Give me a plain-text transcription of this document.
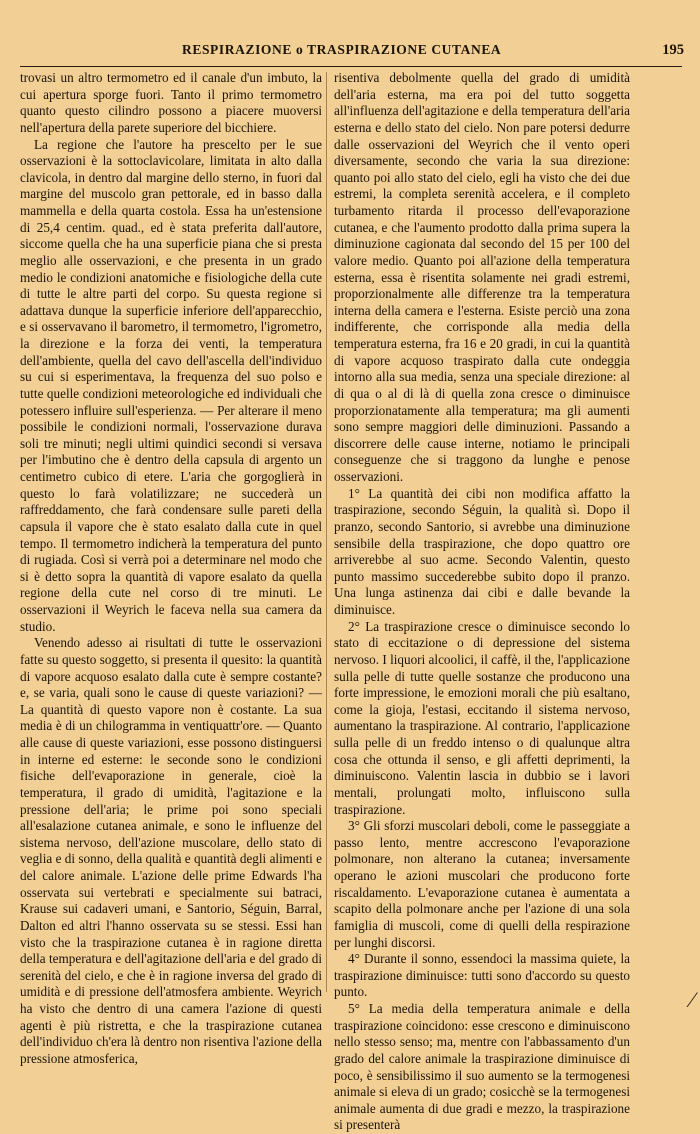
RESPIRAZIONE o TRASPIRAZIONE CUTANEA	195

trovasi un altro termometro ed il canale d'un imbuto, la cui apertura sporge fuori. Tanto il primo termometro quanto questo cilindro possono a piacere muoversi nell'apertura della parete superiore del bicchiere.

La regione che l'autore ha prescelto per le sue osservazioni è la sottoclavicolare, limitata in alto dalla clavicola, in dentro dal margine dello sterno, in fuori dal margine del muscolo gran pettorale, ed in basso dalla mammella e della quarta costola. Essa ha un'estensione di 25,4 centim. quad., ed è stata preferita dall'autore, siccome quella che ha una superficie piana che si presta meglio alle osservazioni, e che presenta in un grado medio le condizioni anatomiche e fisiologiche della cute di tutte le altre parti del corpo. Su questa regione si adattava dunque la superficie inferiore dell'apparecchio, e si osservavano il barometro, il termometro, l'igrometro, la direzione e la forza dei venti, la temperatura dell'ambiente, quella del cavo dell'ascella dell'individuo su cui si esperimentava, la frequenza del suo polso e tutte quelle condizioni meteorologiche ed individuali che potessero influire sull'esperienza. — Per alterare il meno possibile le condizioni normali, l'osservazione durava soli tre minuti; negli ultimi quindici secondi si versava per l'imbutino che è dentro della capsula di argento un centimetro cubico di etere. L'aria che gorgoglierà in questo lo farà volatilizzare; ne succederà un raffreddamento, che farà condensare sulle pareti della capsula il vapore che è stato esalato dalla cute in quel tempo. Il termometro indicherà la temperatura del punto di rugiada. Così si verrà poi a determinare nel modo che si è detto sopra la quantità di vapore esalato da quella regione della cute nel corso di tre minuti. Le osservazioni il Weyrich le faceva nella sua camera da studio.

Venendo adesso ai risultati di tutte le osservazioni fatte su questo soggetto, si presenta il quesito: la quantità di vapore acquoso esalato dalla cute è sempre costante? e, se varia, quali sono le cause di queste variazioni? — La quantità di questo vapore non è costante. La sua media è di un chilogramma in ventiquattr'ore. — Quanto alle cause di queste variazioni, esse possono distinguersi in interne ed esterne: le seconde sono le condizioni fisiche dell'evaporazione in generale, cioè la temperatura, il grado di umidità, l'agitazione e la pressione dell'aria; le prime poi sono speciali all'esalazione cutanea animale, e sono le influenze del sistema nervoso, dell'azione muscolare, dello stato di veglia e di sonno, della qualità e quantità degli alimenti e del calore animale. L'azione delle prime Edwards l'ha osservata sui vertebrati e specialmente sui batraci, Krause sui cadaveri umani, e Santorio, Séguin, Barral, Dalton ed altri l'hanno osservata su se stessi. Essi han visto che la traspirazione cutanea è in ragione diretta della temperatura e dell'agitazione dell'aria e del grado di serenità del cielo, e che è in ragione inversa del grado di umidità e di pressione dell'atmosfera ambiente. Weyrich ha visto che dentro di una camera l'azione di questi agenti è più ristretta, e che la traspirazione cutanea dell'individuo ch'era là dentro non risentiva l'azione della pressione atmosferica,

risentiva debolmente quella del grado di umidità dell'aria esterna, ma era poi del tutto soggetta all'influenza dell'agitazione e della temperatura dell'aria esterna e dello stato del cielo. Non pare potersi dedurre dalle osservazioni del Weyrich che il vento operi diversamente, secondo che varia la sua direzione: quanto poi allo stato del cielo, egli ha visto che dei due estremi, la completa serenità accelera, e il completo turbamento ritarda il processo dell'evaporazione cutanea, e che l'aumento prodotto dalla prima supera la diminuzione cagionata dal secondo del 15 per 100 del valore medio. Quanto poi all'azione della temperatura esterna, essa è risentita solamente nei gradi estremi, proporzionalmente alle differenze tra la temperatura interna della camera e l'esterna. Esiste perciò una zona indifferente, che corrisponde alla media della temperatura esterna, fra 16 e 20 gradi, in cui la quantità di vapore acquoso traspirato dalla cute ondeggia intorno alla sua media, senza una speciale direzione: al di qua o al di là di quella zona cresce o diminuisce proporzionatamente alla temperatura; ma gli aumenti sono sempre maggiori delle diminuzioni. Passando a discorrere delle cause interne, notiamo le principali conseguenze che si traggono da lunghe e penose osservazioni.

1° La quantità dei cibi non modifica affatto la traspirazione, secondo Séguin, la qualità sì. Dopo il pranzo, secondo Santorio, si avrebbe una diminuzione sensibile della traspirazione, che dopo quattro ore arriverebbe al suo acme. Secondo Valentin, questo punto massimo succederebbe subito dopo il pranzo. Una lunga astinenza dai cibi e dalle bevande la diminuisce.

2° La traspirazione cresce o diminuisce secondo lo stato di eccitazione o di depressione del sistema nervoso. I liquori alcoolici, il caffè, il the, l'applicazione sulla pelle di tutte quelle sostanze che producono una forte impressione, le emozioni morali che più esaltano, come la gioja, l'estasi, eccitando il sistema nervoso, aumentano la traspirazione. Al contrario, l'applicazione sulla pelle di un freddo intenso o di qualunque altra cosa che ottunda il senso, e gli affetti deprimenti, la diminuiscono. Valentin lascia in dubbio se i lavori mentali, prolungati molto, influiscono sulla traspirazione.

3° Gli sforzi muscolari deboli, come le passeggiate a passo lento, mentre accrescono l'evaporazione polmonare, non alterano la cutanea; inversamente operano le azioni muscolari che producono forte riscaldamento. L'evaporazione cutanea è aumentata a scapito della polmonare anche per l'azione di una sola famiglia di muscoli, come di quelli della respirazione per lunghi discorsi.

4° Durante il sonno, essendoci la massima quiete, la traspirazione diminuisce: tutti sono d'accordo su questo punto.

5° La media della temperatura animale e della traspirazione coincidono: esse crescono e diminuiscono nello stesso senso; ma, mentre con l'abbassamento d'un grado del calore animale la traspirazione diminuisce di poco, è sensibilissimo il suo aumento se la termogenesi animale si eleva di un grado; cosicchè se la termogenesi animale aumenta di due gradi e mezzo, la traspirazione si presenterà

⁄
